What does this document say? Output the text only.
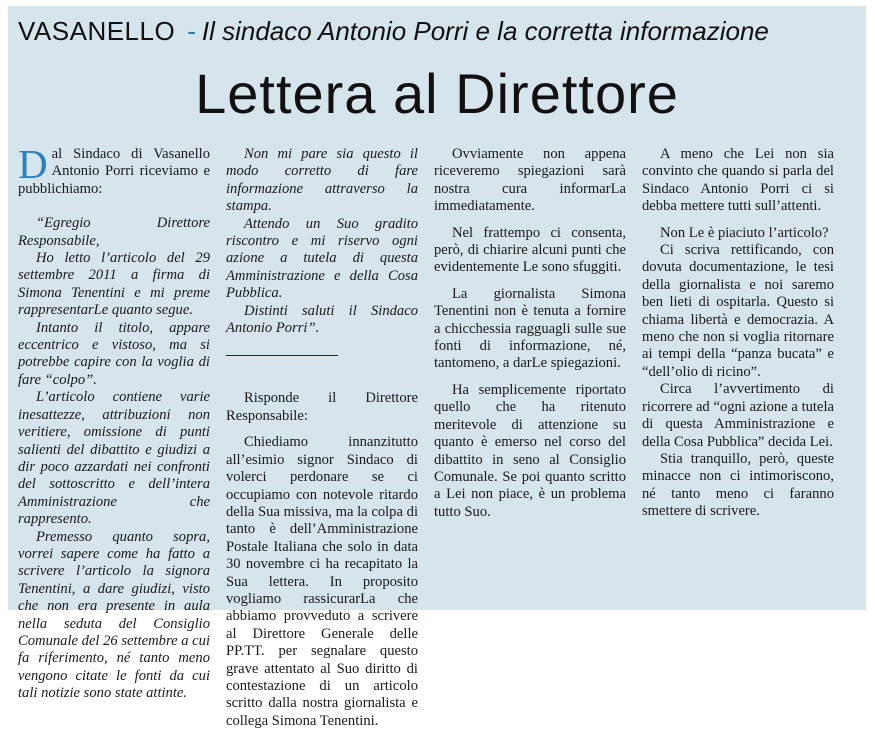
VASANELLO - Il sindaco Antonio Porri e la corretta informazione
Lettera al Direttore

Dal Sindaco di Vasanello Antonio Porri riceviamo e pubblichiamo:

“Egregio Direttore Responsabile,

Ho letto l’articolo del 29 settembre 2011 a firma di Simona Tenentini e mi preme rappresentarLe quanto segue.

Intanto il titolo, appare eccentrico e vistoso, ma si potrebbe capire con la voglia di fare “colpo”.

L’articolo contiene varie inesattezze, attribuzioni non veritiere, omissione di punti salienti del dibattito e giudizi a dir poco azzardati nei confronti del sottoscritto e dell’intera Amministrazione che rappresento.

Premesso quanto sopra, vorrei sapere come ha fatto a scrivere l’articolo la signora Tenentini, a dare giudizi, visto che non era presente in aula nella seduta del Consiglio Comunale del 26 settembre a cui fa riferimento, né tanto meno vengono citate le fonti da cui tali notizie sono state attinte.

Non mi pare sia questo il modo corretto di fare informazione attraverso la stampa.

Attendo un Suo gradito riscontro e mi riservo ogni azione a tutela di questa Amministrazione e della Cosa Pubblica.

Distinti saluti il Sindaco Antonio Porri”.

Risponde il Direttore Responsabile:

Chiediamo innanzitutto all’esimio signor Sindaco di volerci perdonare se ci occupiamo con notevole ritardo della Sua missiva, ma la colpa di tanto è dell’Amministrazione Postale Italiana che solo in data 30 novembre ci ha recapitato la Sua lettera. In proposito vogliamo rassicurarLa che abbiamo provveduto a scrivere al Direttore Generale delle PP.TT. per segnalare questo grave attentato al Suo diritto di contestazione di un articolo scritto dalla nostra giornalista e collega Simona Tenentini.

Ovviamente non appena riceveremo spiegazioni sarà nostra cura informarLa immediatamente.

Nel frattempo ci consenta, però, di chiarire alcuni punti che evidentemente Le sono sfuggiti.

La giornalista Simona Tenentini non è tenuta a fornire a chicchessia ragguagli sulle sue fonti di informazione, né, tantomeno, a darLe spiegazioni.

Ha semplicemente riportato quello che ha ritenuto meritevole di attenzione su quanto è emerso nel corso del dibattito in seno al Consiglio Comunale. Se poi quanto scritto a Lei non piace, è un problema tutto Suo.

A meno che Lei non sia convinto che quando si parla del Sindaco Antonio Porri ci si debba mettere tutti sull’attenti.

Non Le è piaciuto l’articolo?

Ci scriva rettificando, con dovuta documentazione, le tesi della giornalista e noi saremo ben lieti di ospitarla. Questo si chiama libertà e democrazia. A meno che non si voglia ritornare ai tempi della “panza bucata” e “dell’olio di ricino”.

Circa l’avvertimento di ricorrere ad “ogni azione a tutela di questa Amministrazione e della Cosa Pubblica” decida Lei.

Stia tranquillo, però, queste minacce non ci intimoriscono, né tanto meno ci faranno smettere di scrivere.
